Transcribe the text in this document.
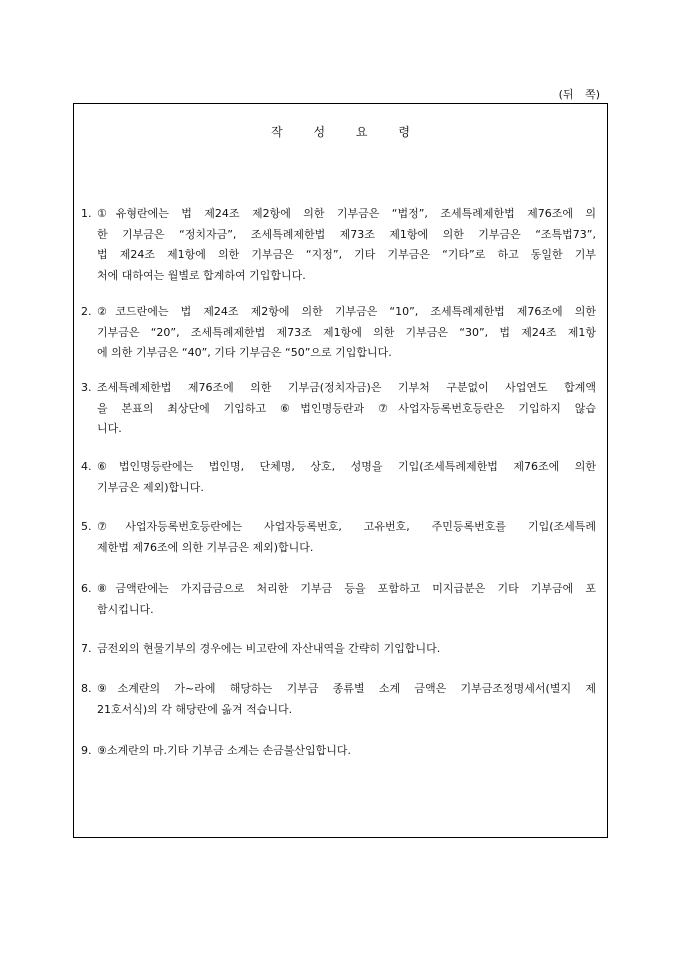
(뒤 쪽)
작 성 요 령
1. ①유형란에는 법 제24조 제2항에 의한 기부금은 “법정”, 조세특례제한법 제76조에 의
한 기부금은 “정치자금”, 조세특례제한법 제73조 제1항에 의한 기부금은 “조특법73”,
법 제24조 제1항에 의한 기부금은 “지정”, 기타 기부금은 “기타”로 하고 동일한 기부
처에 대하여는 월별로 합계하여 기입합니다.
2. ②코드란에는 법 제24조 제2항에 의한 기부금은 “10”, 조세특례제한법 제76조에 의한
기부금은 “20”, 조세특례제한법 제73조 제1항에 의한 기부금은 “30”, 법 제24조 제1항
에 의한 기부금은 “40”, 기타 기부금은 “50”으로 기입합니다.
3. 조세특례제한법 제76조에 의한 기부금(정치자금)은 기부처 구분없이 사업연도 합계액
을 본표의 최상단에 기입하고 ⑥법인명등란과 ⑦사업자등록번호등란은 기입하지 않습
니다.
4. ⑥법인명등란에는 법인명, 단체명, 상호, 성명을 기입(조세특례제한법 제76조에 의한
기부금은 제외)합니다.
5. ⑦사업자등록번호등란에는 사업자등록번호, 고유번호, 주민등록번호를 기입(조세특례
제한법 제76조에 의한 기부금은 제외)합니다.
6. ⑧금액란에는 가지급금으로 처리한 기부금 등을 포함하고 미지급분은 기타 기부금에 포
함시킵니다.
7. 금전외의 현물기부의 경우에는 비고란에 자산내역을 간략히 기입합니다.
8. ⑨소계란의 가~라에 해당하는 기부금 종류별 소계 금액은 기부금조정명세서(별지 제
21호서식)의 각 해당란에 옮겨 적습니다.
9. ⑨소계란의 마.기타 기부금 소계는 손금불산입합니다.
